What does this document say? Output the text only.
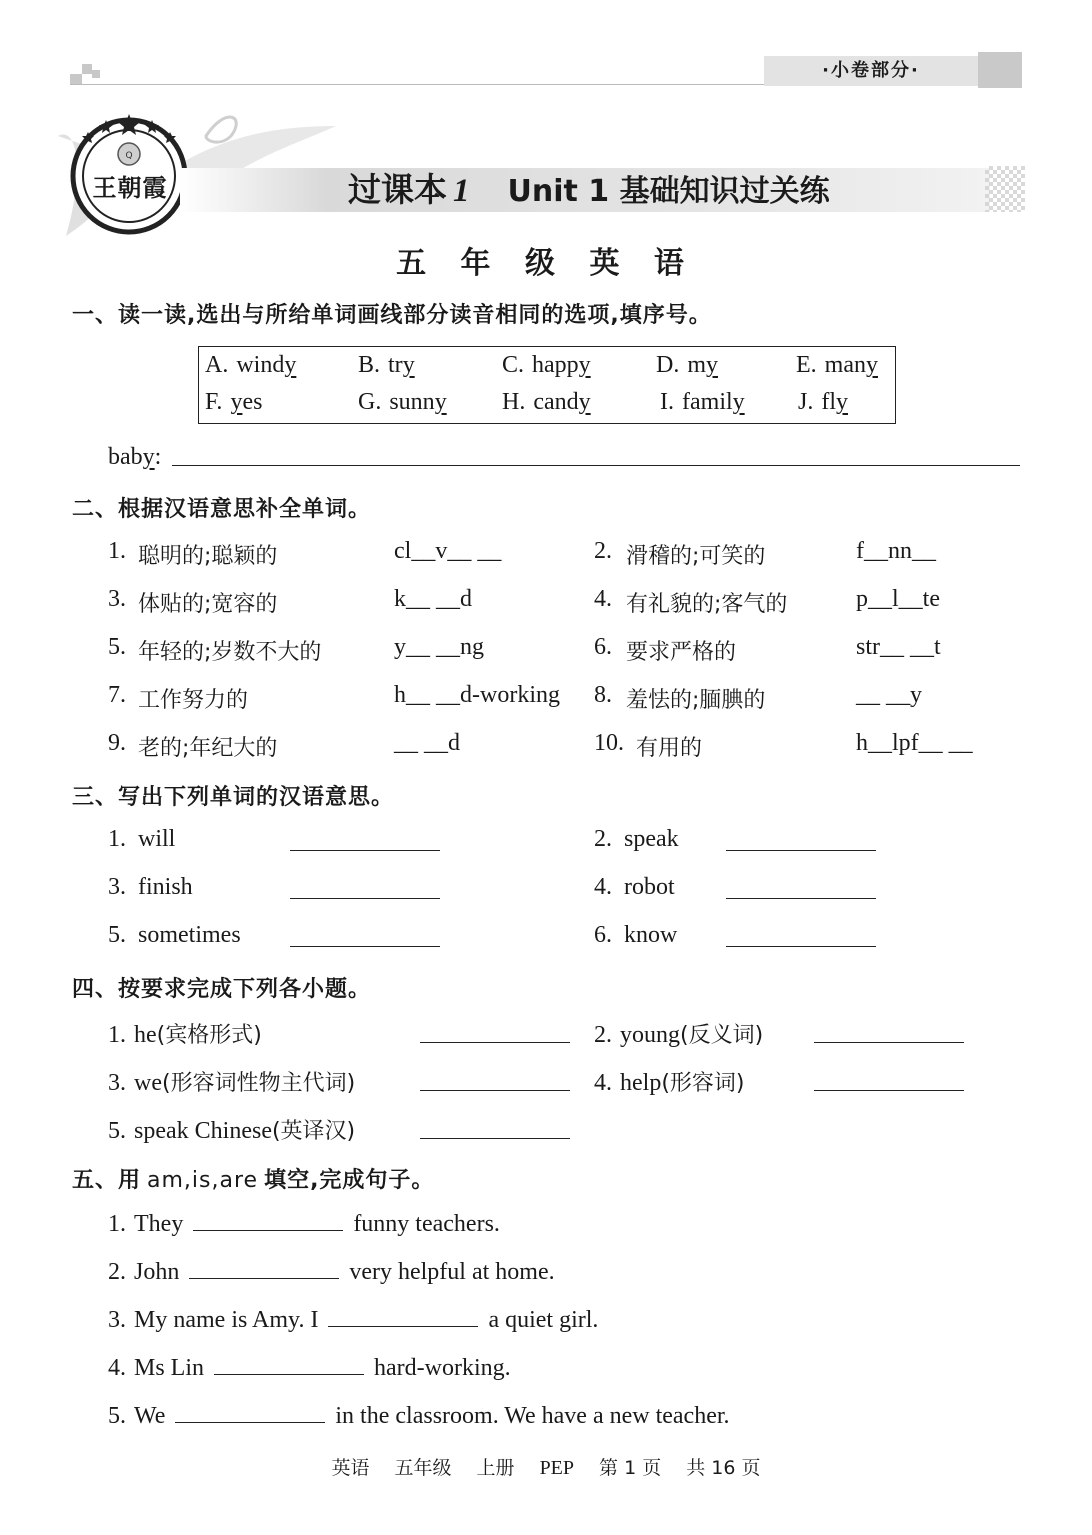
·小卷部分·
Q
王朝霞	过课本 1 Unit 1 基础知识过关练
五 年 级 英 语
一、读一读,选出与所给单词画线部分读音相同的选项,填序号。
A. windy	B. try	C. happy	D. my	E. many
F. yes	G. sunny H. candy	I. family J. fly
baby:
二、根据汉语意思补全单词。
1. 聪明的;聪颖的	cl__v__ __	2. 滑稽的;可笑的	f__nn__
3. 体贴的;宽容的	k__ __d	4. 有礼貌的;客气的	p__l__te
5. 年轻的;岁数不大的	y__ __ng	6. 要求严格的	str__ __t
7. 工作努力的	h__ __d-working 8. 羞怯的;腼腆的	__ __y
9. 老的;年纪大的	__ __d	10. 有用的	h__lpf__ __
三、写出下列单词的汉语意思。
1. will	2. speak
3. finish	4. robot
5. sometimes	6. know
四、按要求完成下列各小题。
1. he(宾格形式)	2. young(反义词)
3. we(形容词性物主代词)	4. help(形容词)
5. speak Chinese(英译汉)
五、用 am,is,are 填空,完成句子。
1. They	funny teachers.
2. John	very helpful at home.
3. My name is Amy. I	a quiet girl.
4. Ms Lin	hard-working.
5. We	in the classroom. We have a new teacher.
英语 五年级 上册 PEP 第 1 页 共 16 页
